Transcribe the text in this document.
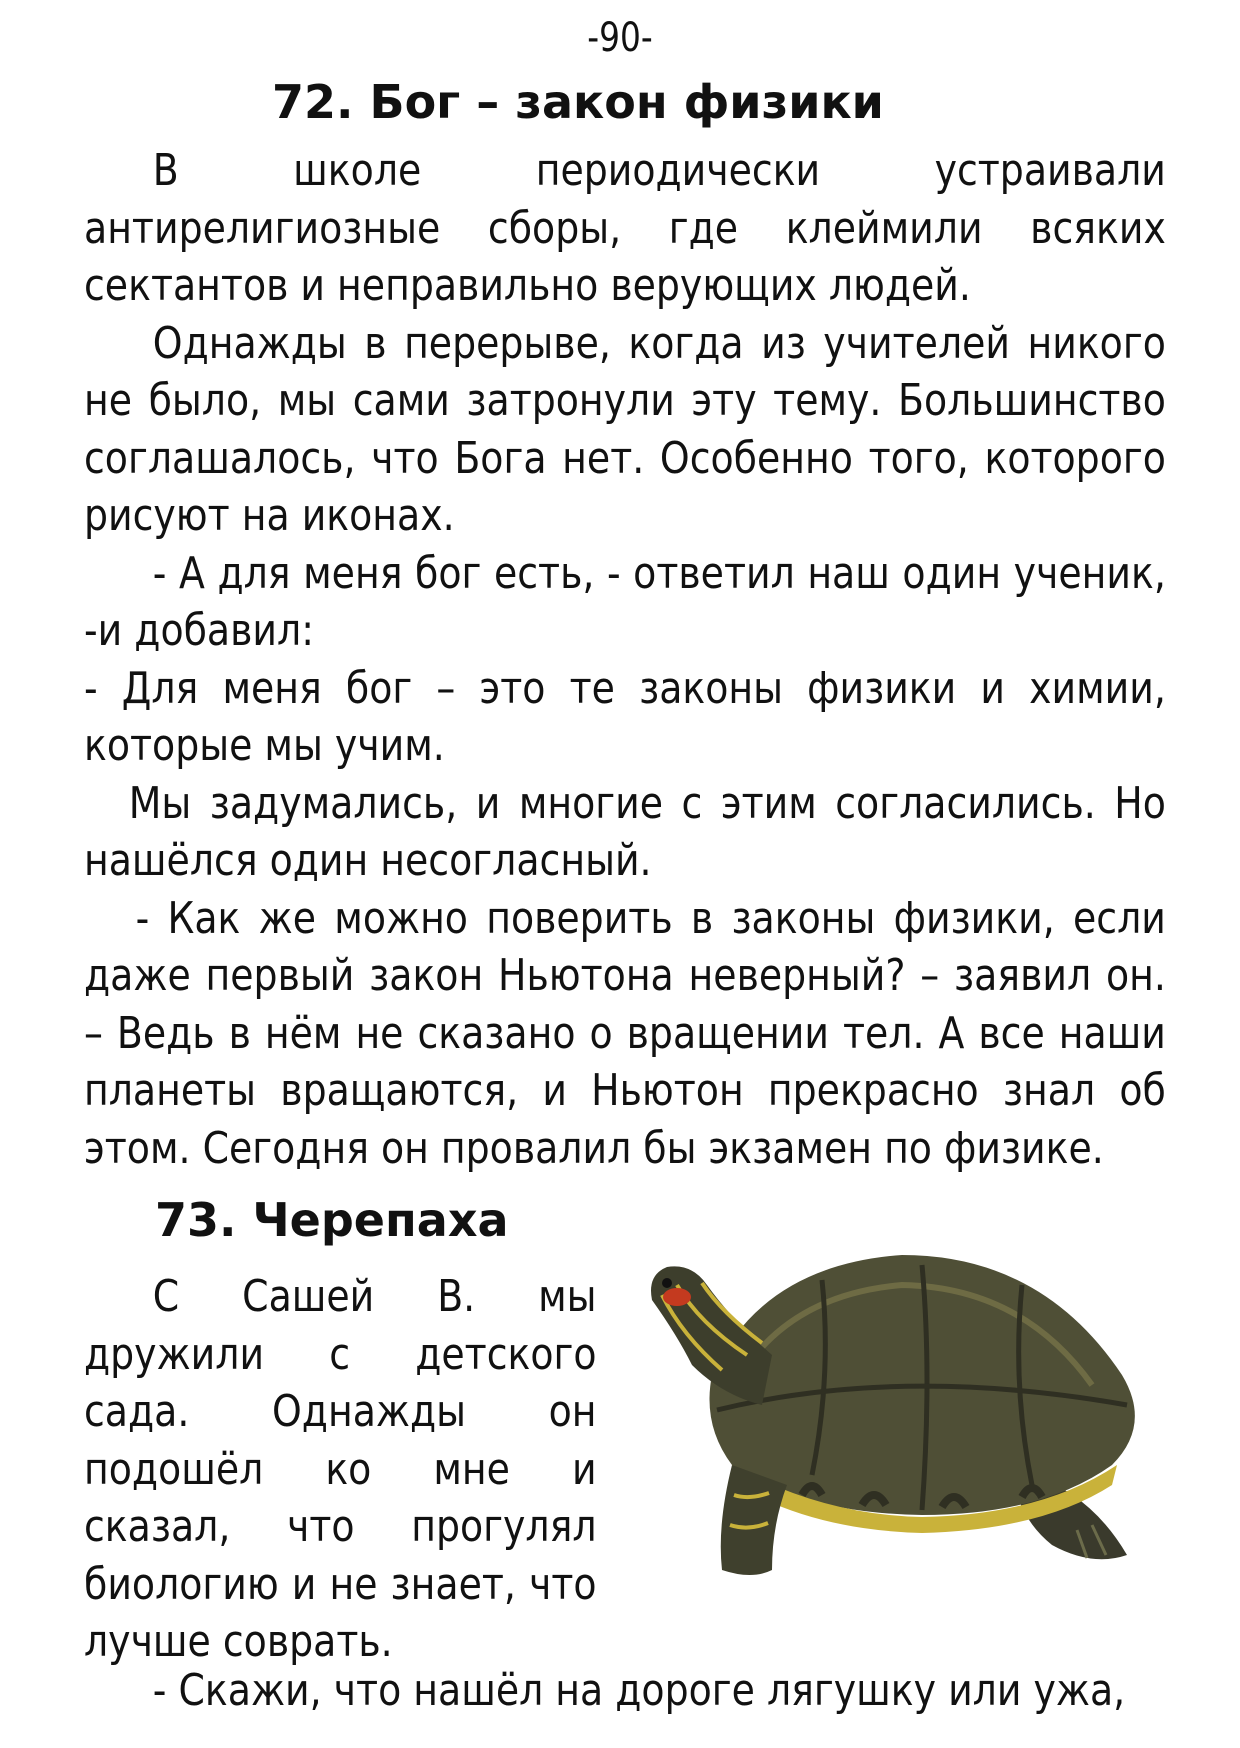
-90-
72. Бог – закон физики

В школе периодически устраивали антирелигиозные сборы, где клеймили всяких сектантов и неправильно верующих людей.

Однажды в перерыве, когда из учителей никого не было, мы сами затронули эту тему. Большинство соглашалось, что Бога нет. Особенно того, которого рисуют на иконах.

- А для меня бог есть, - ответил наш один ученик, -и добавил:

- Для меня бог – это те законы физики и химии, которые мы учим.

Мы задумались, и многие с этим согласились. Но нашёлся один несогласный.

- Как же можно поверить в законы физики, если даже первый закон Ньютона неверный? – заявил он. – Ведь в нём не сказано о вращении тел. А все наши планеты вращаются, и Ньютон прекрасно знал об этом. Сегодня он провалил бы экзамен по физике.

73. Черепаха

С Сашей В. мы дружили с детского сада. Однажды он подошёл ко мне и сказал, что прогулял биологию и не знает, что лучше соврать.

- Скажи, что нашёл на дороге лягушку или ужа,
